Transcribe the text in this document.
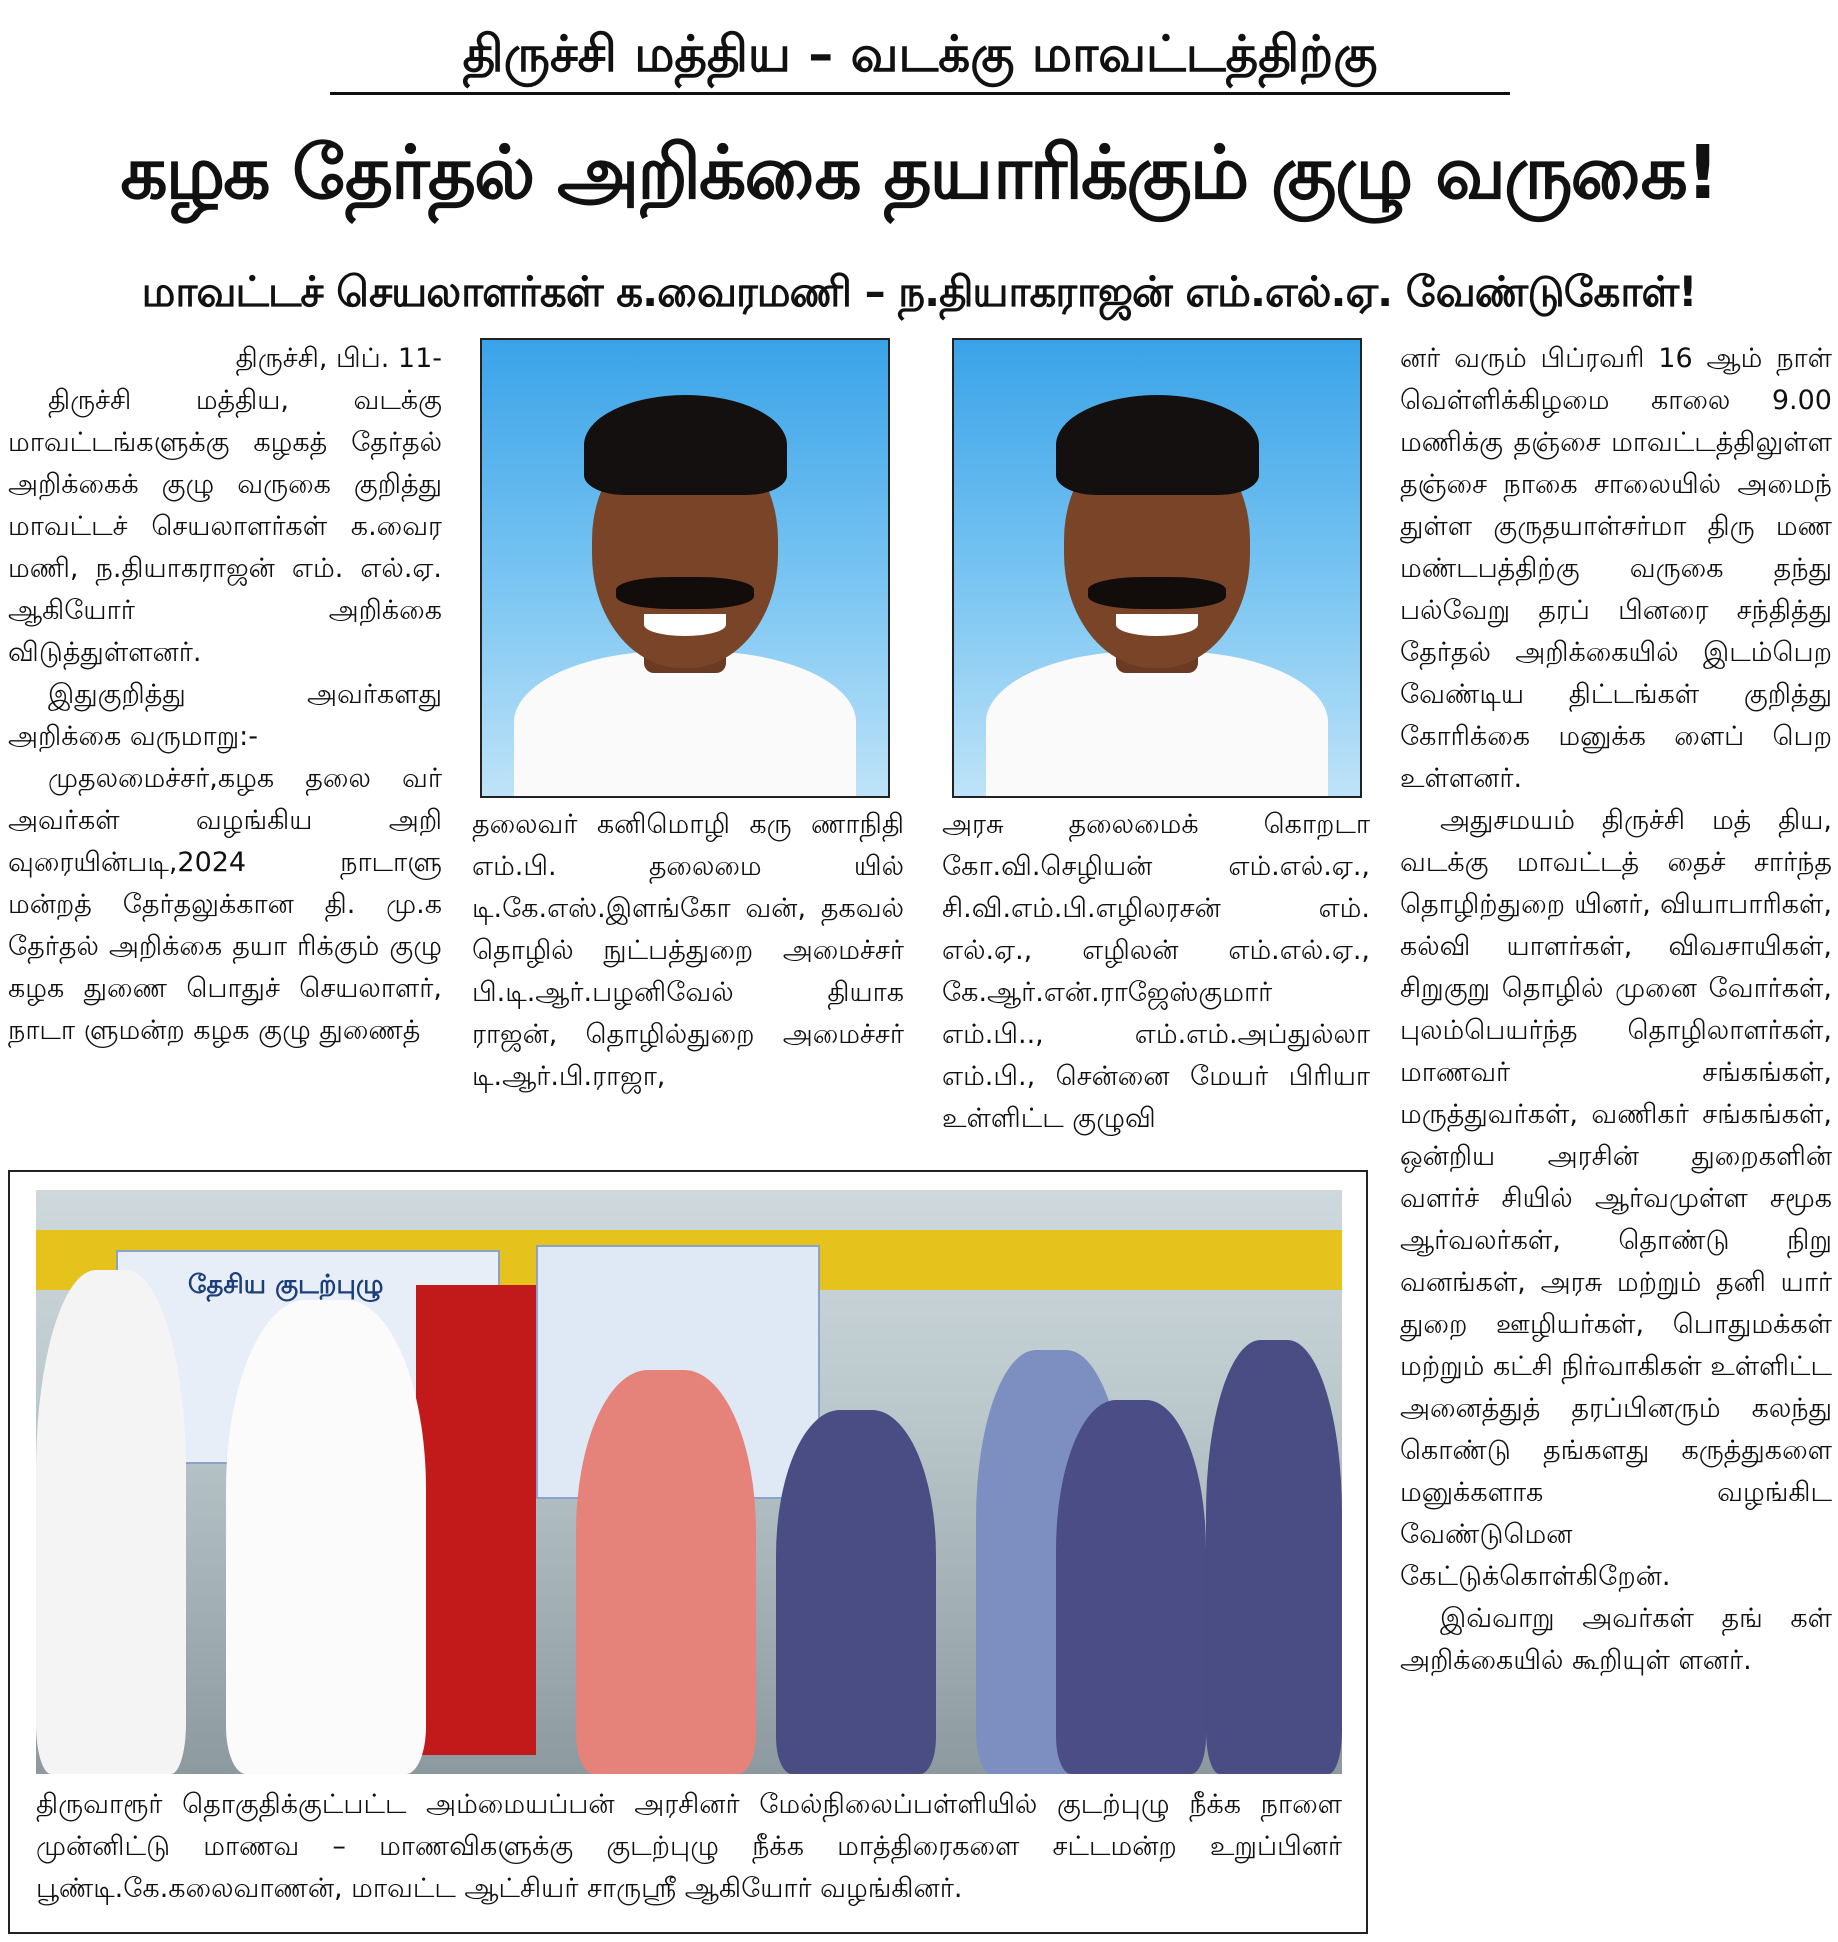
திருச்சி மத்திய – வடக்கு மாவட்டத்திற்கு
கழக தேர்தல் அறிக்கை தயாரிக்கும் குழு வருகை!
மாவட்டச் செயலாளர்கள் க.வைரமணி – ந.தியாகராஜன் எம்.எல்.ஏ. வேண்டுகோள்!

திருச்சி, பிப். 11-

திருச்சி மத்திய, வடக்கு மாவட்டங்களுக்கு கழகத் தேர்தல் அறிக்கைக் குழு வருகை குறித்து மாவட்டச் செயலாளர்கள் க.வைர மணி, ந.தியாகராஜன் எம். எல்.ஏ. ஆகியோர் அறிக்கை விடுத்துள்ளனர்.

இதுகுறித்து அவர்களது அறிக்கை வருமாறு:-

முதலமைச்சர்,கழக தலை வர் அவர்கள் வழங்கிய அறி வுரையின்படி,2024 நாடாளு மன்றத் தேர்தலுக்கான தி. மு.க தேர்தல் அறிக்கை தயா ரிக்கும் குழு கழக துணை பொதுச் செயலாளர், நாடா ளுமன்ற கழக குழு துணைத்

தலைவர் கனிமொழி கரு ணாநிதி எம்.பி. தலைமை யில் டி.கே.எஸ்.இளங்கோ வன், தகவல் தொழில் நுட்பத்துறை அமைச்சர் பி.டி.ஆர்.பழனிவேல் தியாக ராஜன், தொழில்துறை அமைச்சர் டி.ஆர்.பி.ராஜா,

அரசு தலைமைக் கொறடா கோ.வி.செழியன் எம்.எல்.ஏ., சி.வி.எம்.பி.எழிலரசன் எம். எல்.ஏ., எழிலன் எம்.எல்.ஏ., கே.ஆர்.என்.ராஜேஸ்குமார் எம்.பி.., எம்.எம்.அப்துல்லா எம்.பி., சென்னை மேயர் பிரியா உள்ளிட்ட குழுவி

னர் வரும் பிப்ரவரி 16 ஆம் நாள் வெள்ளிக்கிழமை காலை 9.00 மணிக்கு தஞ்சை மாவட்டத்திலுள்ள தஞ்சை நாகை சாலையில் அமைந் துள்ள குருதயாள்சர்மா திரு மண மண்டபத்திற்கு வருகை தந்து பல்வேறு தரப் பினரை சந்தித்து தேர்தல் அறிக்கையில் இடம்பெற வேண்டிய திட்டங்கள் குறித்து கோரிக்கை மனுக்க ளைப் பெற உள்ளனர்.

அதுசமயம் திருச்சி மத் திய, வடக்கு மாவட்டத் தைச் சார்ந்த தொழிற்துறை யினர், வியாபாரிகள், கல்வி யாளர்கள், விவசாயிகள், சிறுகுறு தொழில் முனை வோர்கள், புலம்பெயர்ந்த தொழிலாளர்கள், மாணவர் சங்கங்கள், மருத்துவர்கள், வணிகர் சங்கங்கள், ஒன்றிய அரசின் துறைகளின் வளர்ச் சியில் ஆர்வமுள்ள சமூக ஆர்வலர்கள், தொண்டு நிறு வனங்கள், அரசு மற்றும் தனி யார் துறை ஊழியர்கள், பொதுமக்கள் மற்றும் கட்சி நிர்வாகிகள் உள்ளிட்ட அனைத்துத் தரப்பினரும் கலந்து கொண்டு தங்களது கருத்துகளை மனுக்களாக வழங்கிட வேண்டுமென கேட்டுக்கொள்கிறேன்.

இவ்வாறு அவர்கள் தங் கள் அறிக்கையில் கூறியுள் ளனர்.

தேசிய குடற்புழு
திருவாரூர் தொகுதிக்குட்பட்ட அம்மையப்பன் அரசினர் மேல்நிலைப்பள்ளியில் குடற்புழு நீக்க நாளை முன்னிட்டு மாணவ – மாணவிகளுக்கு குடற்புழு நீக்க மாத்திரைகளை சட்டமன்ற உறுப்பினர் பூண்டி.கே.கலைவாணன், மாவட்ட ஆட்சியர் சாருஶ்ரீ ஆகியோர் வழங்கினர்.
